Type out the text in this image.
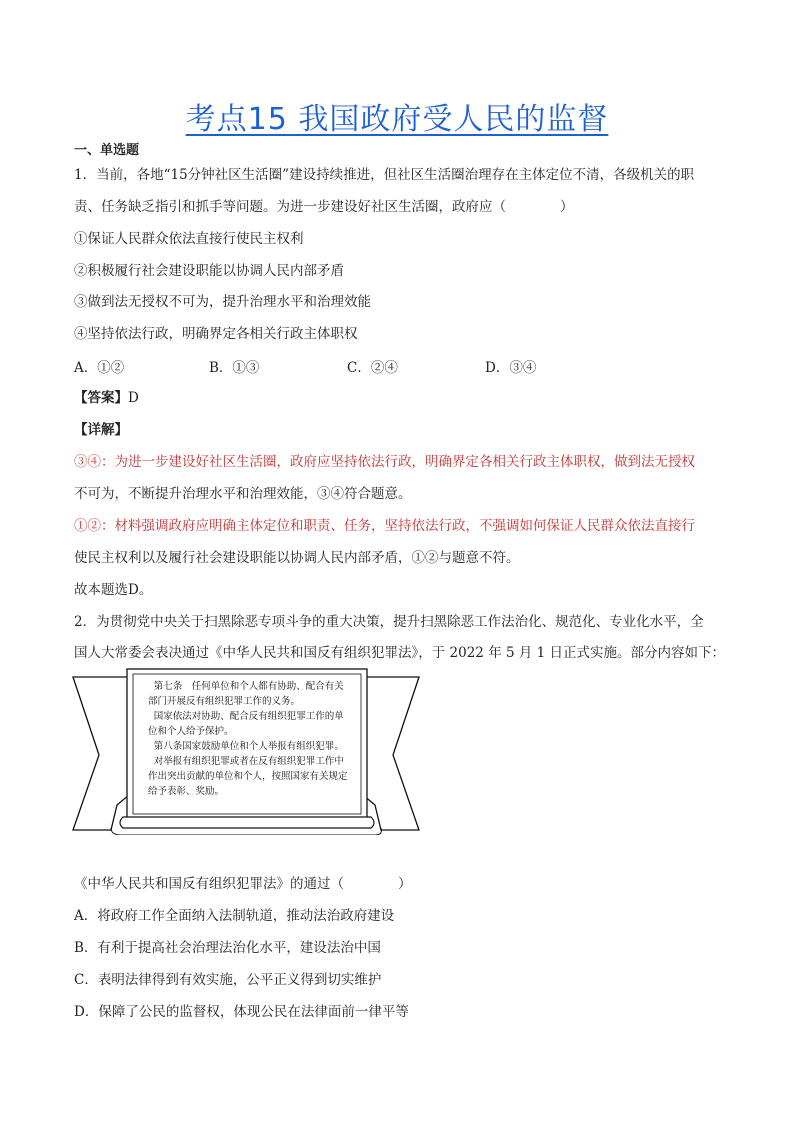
考点15 我国政府受人民的监督
一、单选题
1．当前，各地“15分钟社区生活圈”建设持续推进，但社区生活圈治理存在主体定位不清，各级机关的职
责、任务缺乏指引和抓手等问题。为进一步建设好社区生活圈，政府应（　　　　）
①保证人民群众依法直接行使民主权利
②积极履行社会建设职能以协调人民内部矛盾
③做到法无授权不可为，提升治理水平和治理效能
④坚持依法行政，明确界定各相关行政主体职权
A．①②	B．①③	C．②④	D．③④
【答案】D
【详解】
③④：为进一步建设好社区生活圈，政府应坚持依法行政，明确界定各相关行政主体职权，做到法无授权
不可为，不断提升治理水平和治理效能，③④符合题意。
①②：材料强调政府应明确主体定位和职责、任务，坚持依法行政，不强调如何保证人民群众依法直接行
使民主权利以及履行社会建设职能以协调人民内部矛盾，①②与题意不符。
故本题选D。
2．为贯彻党中央关于扫黑除恶专项斗争的重大决策，提升扫黑除恶工作法治化、规范化、专业化水平，全
国人大常委会表决通过《中华人民共和国反有组织犯罪法》，于 2022 年 5 月 1 日正式实施。部分内容如下：

第七条　任何单位和个人都有协助、配合有关

部门开展反有组织犯罪工作的义务。

国家依法对协助、配合反有组织犯罪工作的单

位和个人给予保护。

第八条国家鼓励单位和个人举报有组织犯罪。

对举报有组织犯罪或者在反有组织犯罪工作中

作出突出贡献的单位和个人，按照国家有关规定

给予表彰、奖励。

《中华人民共和国反有组织犯罪法》的通过（　　　　）
A．将政府工作全面纳入法制轨道，推动法治政府建设
B．有利于提高社会治理法治化水平，建设法治中国
C．表明法律得到有效实施，公平正义得到切实维护
D．保障了公民的监督权，体现公民在法律面前一律平等
